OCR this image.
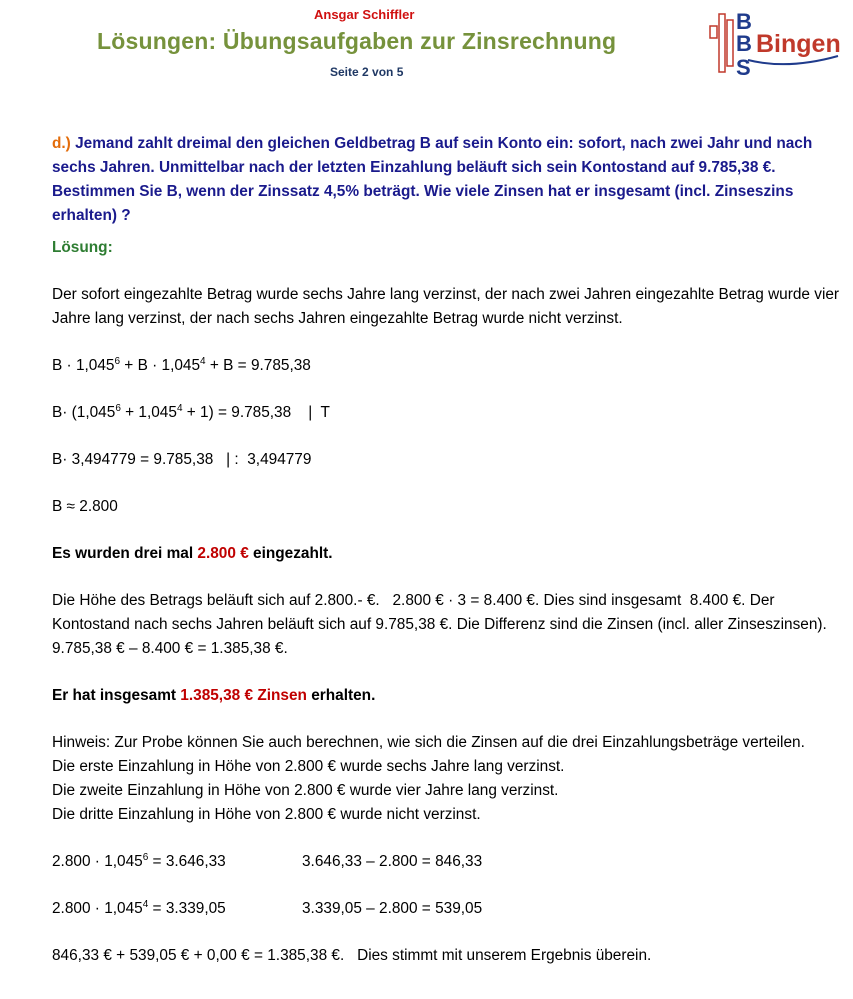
Ansgar Schiffler
Lösungen: Übungsaufgaben zur Zinsrechnung
Seite 2 von 5
B
B
S
Bingen

d.) Jemand zahlt dreimal den gleichen Geldbetrag B auf sein Konto ein: sofort, nach zwei Jahr und nach sechs Jahren. Unmittelbar nach der letzten Einzahlung beläuft sich sein Kontostand auf 9.785,38 €. Bestimmen Sie B, wenn der Zinssatz 4,5% beträgt. Wie viele Zinsen hat er insgesamt (incl. Zinseszins erhalten) ?

Lösung:

Der sofort eingezahlte Betrag wurde sechs Jahre lang verzinst, der nach zwei Jahren eingezahlte Betrag wurde vier Jahre lang verzinst, der nach sechs Jahren eingezahlte Betrag wurde nicht verzinst.

$B \cdot 1,045^6 + B \cdot 1,045^4 + B = 9.785,38$

$B\cdot (1,045^6 + 1,045^4 + 1) = 9.785,38$    |  T

B· 3,494779 = 9.785,38   | :  3,494779

B ≈ 2.800

Es wurden drei mal 2.800 € eingezahlt.

Die Höhe des Betrags beläuft sich auf 2.800.- €.   2.800 € · 3 = 8.400 €. Dies sind insgesamt  8.400 €. Der Kontostand nach sechs Jahren beläuft sich auf 9.785,38 €. Die Differenz sind die Zinsen (incl. aller Zinseszinsen).   9.785,38 € – 8.400 € = 1.385,38 €.

Er hat insgesamt 1.385,38 € Zinsen erhalten.

Hinweis: Zur Probe können Sie auch berechnen, wie sich die Zinsen auf die drei Einzahlungsbeträge verteilen.

Die erste Einzahlung in Höhe von 2.800 € wurde sechs Jahre lang verzinst.

Die zweite Einzahlung in Höhe von 2.800 € wurde vier Jahre lang verzinst.

Die dritte Einzahlung in Höhe von 2.800 € wurde nicht verzinst.

$2.800 \cdot 1,045^6 = 3.646,33$	3.646,33 – 2.800 = 846,33
$2.800 \cdot 1,045^4 = 3.339,05$	3.339,05 – 2.800 = 539,05

846,33 € + 539,05 € + 0,00 € = 1.385,38 €.   Dies stimmt mit unserem Ergebnis überein.
